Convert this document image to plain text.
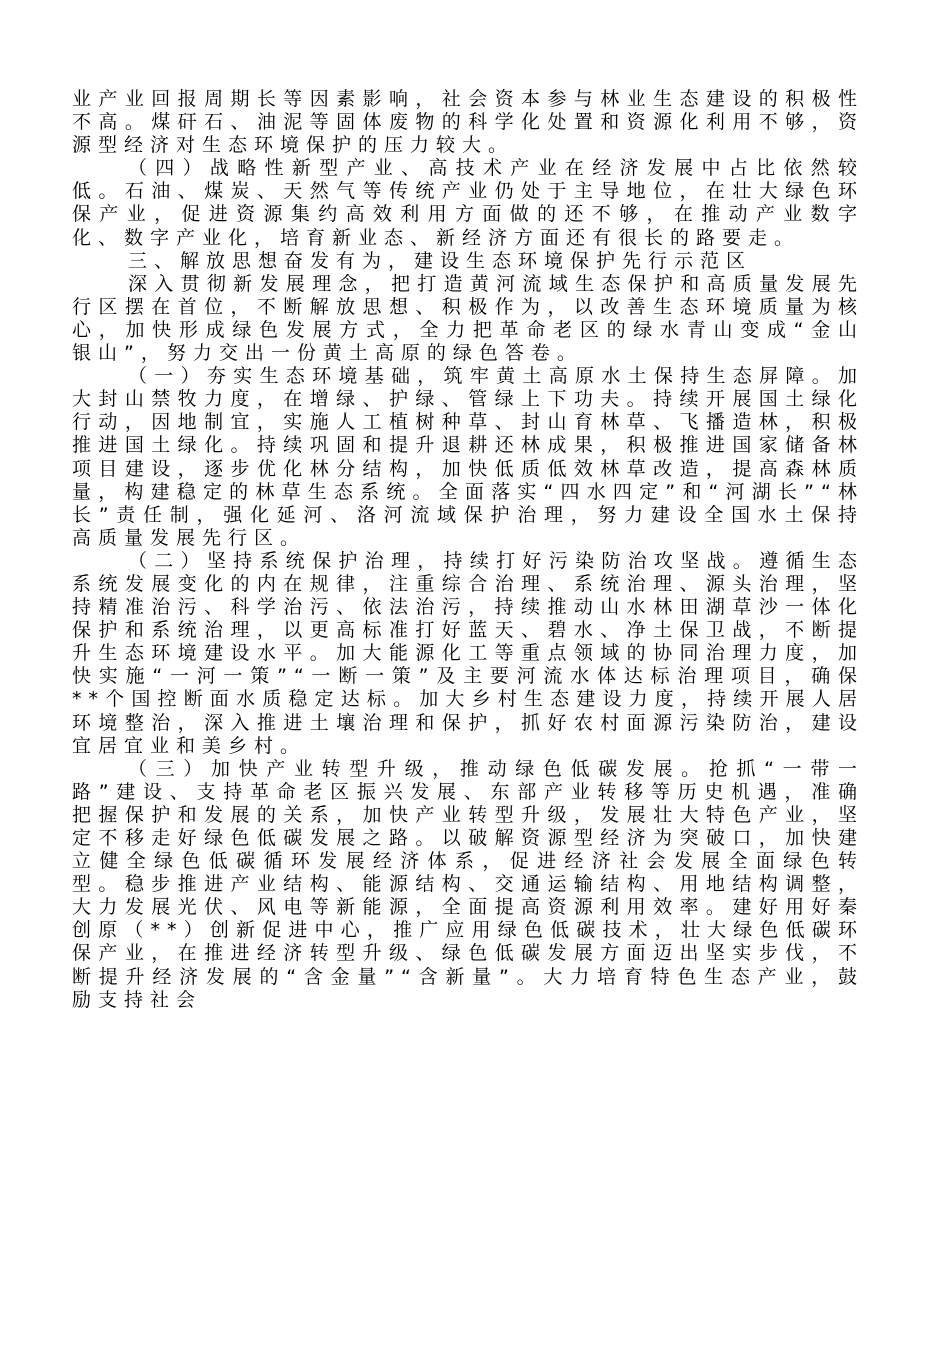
业产业回报周期长等因素影响，社会资本参与林业生态建设的积极性不高。煤矸石、油泥等固体废物的科学化处置和资源化利用不够，资源型经济对生态环境保护的压力较大。

（四）战略性新型产业、高技术产业在经济发展中占比依然较低。石油、煤炭、天然气等传统产业仍处于主导地位，在壮大绿色环保产业，促进资源集约高效利用方面做的还不够，在推动产业数字化、数字产业化，培育新业态、新经济方面还有很长的路要走。

三、解放思想奋发有为，建设生态环境保护先行示范区

深入贯彻新发展理念，把打造黄河流域生态保护和高质量发展先行区摆在首位，不断解放思想、积极作为，以改善生态环境质量为核心，加快形成绿色发展方式，全力把革命老区的绿水青山变成“金山银山”，努力交出一份黄土高原的绿色答卷。

（一）夯实生态环境基础，筑牢黄土高原水土保持生态屏障。加大封山禁牧力度，在增绿、护绿、管绿上下功夫。持续开展国土绿化行动，因地制宜，实施人工植树种草、封山育林草、飞播造林，积极推进国土绿化。持续巩固和提升退耕还林成果，积极推进国家储备林项目建设，逐步优化林分结构，加快低质低效林草改造，提高森林质量，构建稳定的林草生态系统。全面落实“四水四定”和“河湖长”“林长”责任制，强化延河、洛河流域保护治理，努力建设全国水土保持高质量发展先行区。

（二）坚持系统保护治理，持续打好污染防治攻坚战。遵循生态系统发展变化的内在规律，注重综合治理、系统治理、源头治理，坚持精准治污、科学治污、依法治污，持续推动山水林田湖草沙一体化保护和系统治理，以更高标准打好蓝天、碧水、净土保卫战，不断提升生态环境建设水平。加大能源化工等重点领域的协同治理力度，加快实施“一河一策”“一断一策”及主要河流水体达标治理项目，确保**个国控断面水质稳定达标。加大乡村生态建设力度，持续开展人居环境整治，深入推进土壤治理和保护，抓好农村面源污染防治，建设宜居宜业和美乡村。

（三）加快产业转型升级，推动绿色低碳发展。抢抓“一带一路”建设、支持革命老区振兴发展、东部产业转移等历史机遇，准确把握保护和发展的关系，加快产业转型升级，发展壮大特色产业，坚定不移走好绿色低碳发展之路。以破解资源型经济为突破口，加快建立健全绿色低碳循环发展经济体系，促进经济社会发展全面绿色转型。稳步推进产业结构、能源结构、交通运输结构、用地结构调整，大力发展光伏、风电等新能源，全面提高资源利用效率。建好用好秦创原（**）创新促进中心，推广应用绿色低碳技术，壮大绿色低碳环保产业，在推进经济转型升级、绿色低碳发展方面迈出坚实步伐，不断提升经济发展的“含金量”“含新量”。大力培育特色生态产业，鼓励支持社会
